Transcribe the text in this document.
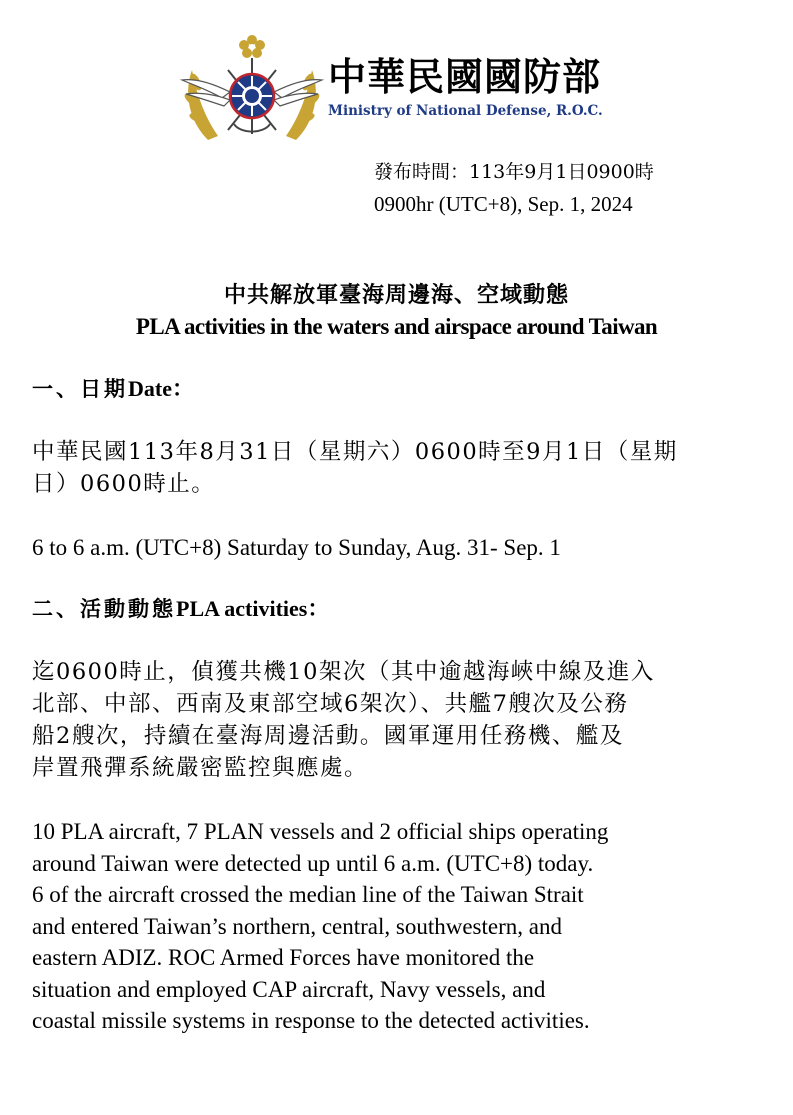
中華民國國防部
Ministry of National Defense, R.O.C.
發布時間：113年9月1日0900時
0900hr (UTC+8), Sep. 1, 2024
中共解放軍臺海周邊海、空域動態
PLA activities in the waters and airspace around Taiwan
一、日期Date：
中華民國113年8月31日（星期六）0600時至9月1日（星期
日）0600時止。
6 to 6 a.m. (UTC+8) Saturday to Sunday, Aug. 31- Sep. 1
二、活動動態PLA activities：
迄0600時止，偵獲共機10架次（其中逾越海峽中線及進入
北部、中部、西南及東部空域6架次）、共艦7艘次及公務
船2艘次，持續在臺海周邊活動。國軍運用任務機、艦及
岸置飛彈系統嚴密監控與應處。
10 PLA aircraft, 7 PLAN vessels and 2 official ships operating
around Taiwan were detected up until 6 a.m. (UTC+8) today.
6 of the aircraft crossed the median line of the Taiwan Strait
and entered Taiwan’s northern, central, southwestern, and
eastern ADIZ. ROC Armed Forces have monitored the
situation and employed CAP aircraft, Navy vessels, and
coastal missile systems in response to the detected activities.
